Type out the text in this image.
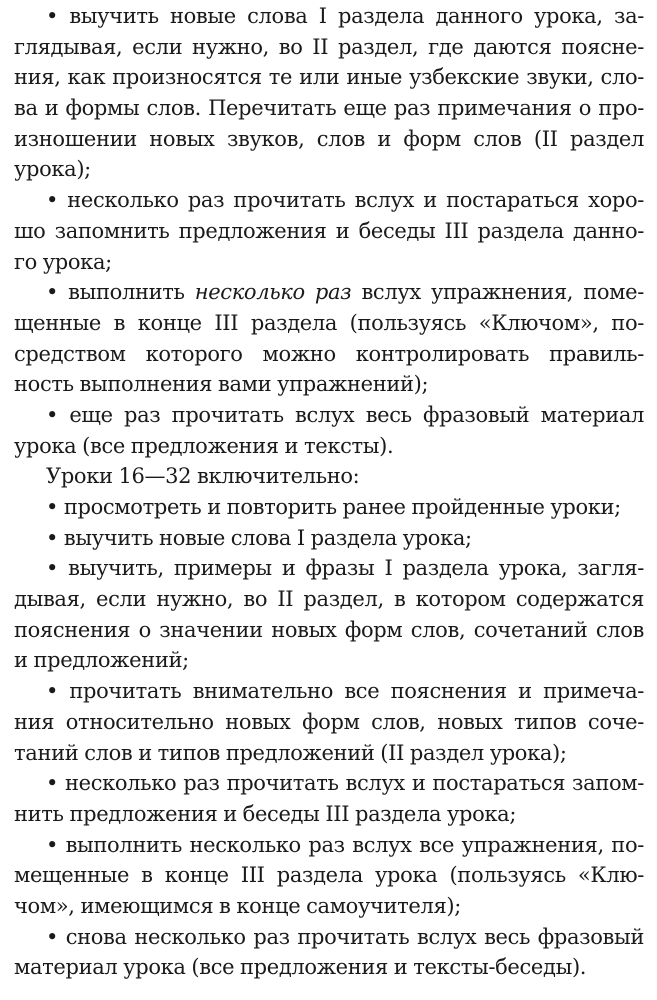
• выучить новые слова I раздела данного урока, за-
глядывая, если нужно, во II раздел, где даются поясне-
ния, как произносятся те или иные узбекские звуки, сло-
ва и формы слов. Перечитать еще раз примечания о про-
изношении новых звуков, слов и форм слов (II раздел
урока);
• несколько раз прочитать вслух и постараться хоро-
шо запомнить предложения и беседы III раздела данно-
го урока;
• выполнить несколько раз вслух упражнения, поме-
щенные в конце III раздела (пользуясь «Ключом», по-
средством которого можно контролировать правиль-
ность выполнения вами упражнений);
• еще раз прочитать вслух весь фразовый материал
урока (все предложения и тексты).
Уроки 16—32 включительно:
• просмотреть и повторить ранее пройденные уроки;
• выучить новые слова I раздела урока;
• выучить, примеры и фразы I раздела урока, загля-
дывая, если нужно, во II раздел, в котором содержатся
пояснения о значении новых форм слов, сочетаний слов
и предложений;
• прочитать внимательно все пояснения и примеча-
ния относительно новых форм слов, новых типов сочe-
таний слов и типов предложений (II раздел урока);
• несколько раз прочитать вслух и постараться запом-
нить предложения и беседы III раздела урока;
• выполнить несколько раз вслух все упражнения, по-
мещенные в конце III раздела урока (пользуясь «Клю-
чом», имеющимся в конце самоучителя);
• снова несколько раз прочитать вслух весь фразовый
материал урока (все предложения и тексты-беседы).
